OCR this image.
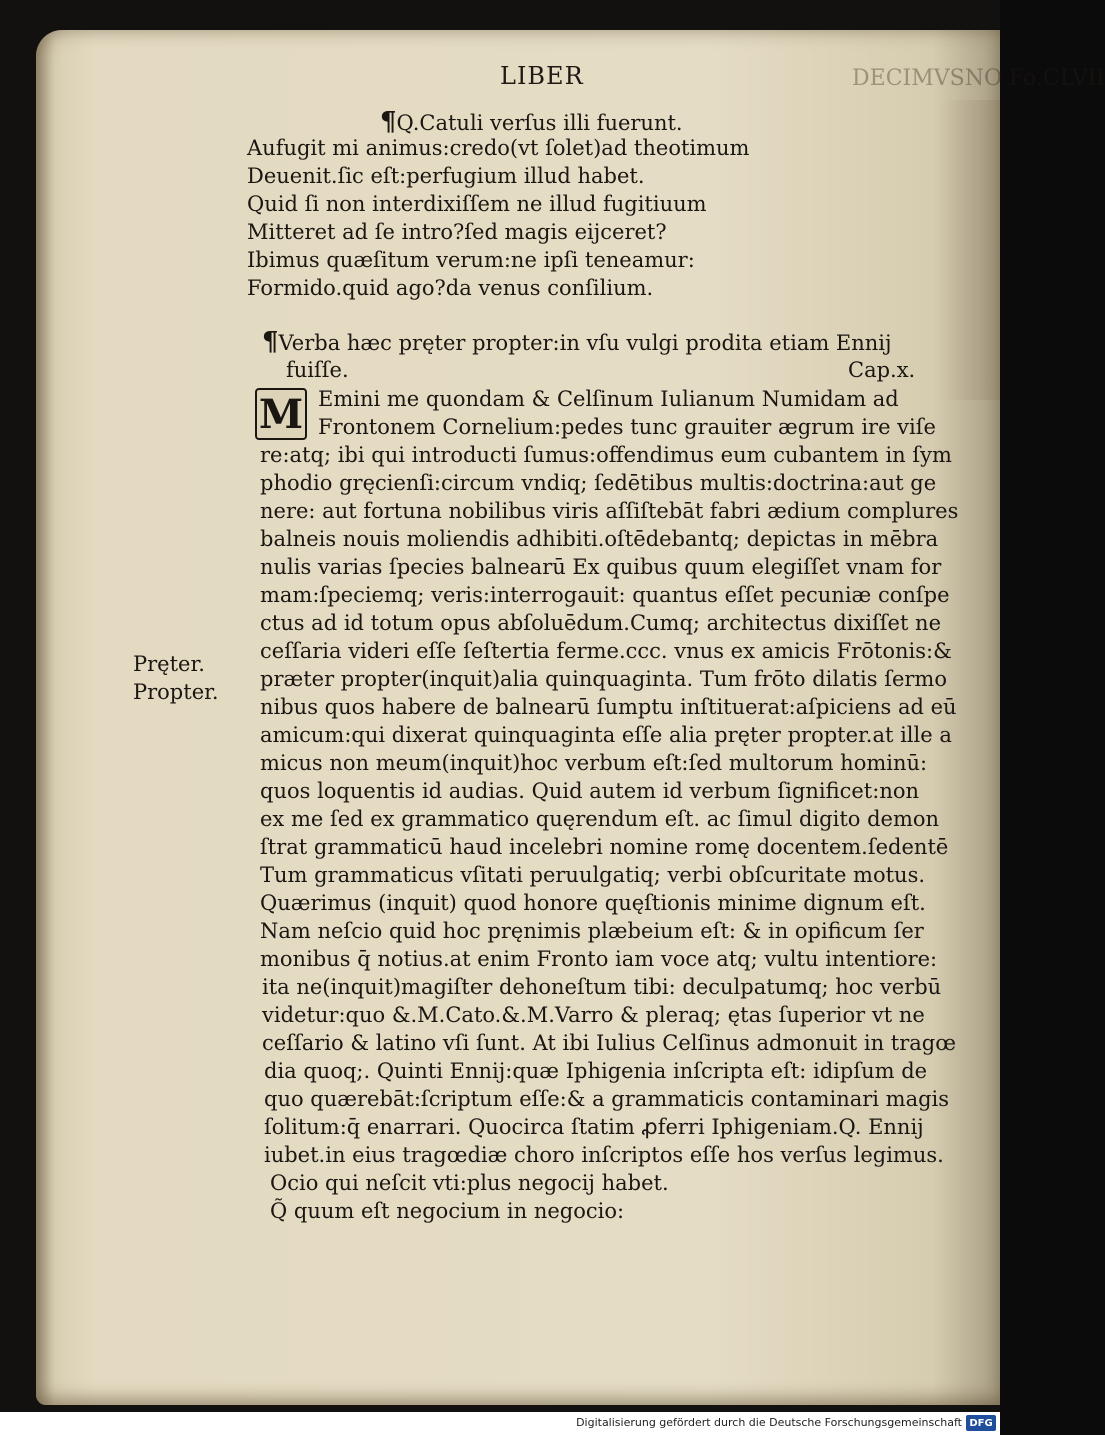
LIBER	DECIMVSNO Fo.CLVII
¶Q.Catuli verſus illi fuerunt.
Aufugit mi animus:credo(vt ſolet)ad theotimum
Deuenit.ſic eſt:perfugium illud habet.
Quid ſi non interdixiſſem ne illud fugitiuum
Mitteret ad ſe intro?ſed magis eijceret?
Ibimus quæſitum verum:ne ipſi teneamur:
Formido.quid ago?da venus conſilium.
¶Verba hæc pręter propter:in vſu vulgi prodita etiam Ennij
fuiſſe.	Cap.x.
M Emini me quondam & Celſinum Iulianum Numidam ad
Frontonem Cornelium:pedes tunc grauiter ægrum ire viſe
re:atq; ibi qui introducti ſumus:offendimus eum cubantem in ſym
phodio gręcienſi:circum vndiq; ſedētibus multis:doctrina:aut ge
nere: aut fortuna nobilibus viris aſſiſtebāt fabri ædium complures
balneis nouis moliendis adhibiti.oſtēdebantq; depictas in mēbra
nulis varias ſpecies balnearū Ex quibus quum elegiſſet vnam for
mam:ſpeciemq; veris:interrogauit: quantus eſſet pecuniæ conſpe
ctus ad id totum opus abſoluēdum.Cumq; architectus dixiſſet ne
ceſſaria videri eſſe ſeſtertia ferme.ccc. vnus ex amicis Frōtonis:&
præter propter(inquit)alia quinquaginta. Tum frōto dilatis ſermo
nibus quos habere de balnearū ſumptu inſtituerat:aſpiciens ad eū
amicum:qui dixerat quinquaginta eſſe alia pręter propter.at ille a
micus non meum(inquit)hoc verbum eſt:ſed multorum hominū:
quos loquentis id audias. Quid autem id verbum ſignificet:non
ex me ſed ex grammatico quęrendum eſt. ac ſimul digito demon
ſtrat grammaticū haud incelebri nomine romę docentem.ſedentē
Tum grammaticus vſitati peruulgatiq; verbi obſcuritate motus.
Quærimus (inquit) quod honore quęſtionis minime dignum eſt.
Nam neſcio quid hoc pręnimis plæbeium eſt: & in opificum ſer
monibus q̄ notius.at enim Fronto iam voce atq; vultu intentiore:
ita ne(inquit)magiſter dehoneſtum tibi: deculpatumq; hoc verbū
videtur:quo &.M.Cato.&.M.Varro & pleraq; ętas ſuperior vt ne
ceſſario & latino vſi ſunt. At ibi Iulius Celſinus admonuit in tragœ
dia quoq;. Quinti Ennij:quæ Iphigenia inſcripta eſt: idipſum de
quo quærebāt:ſcriptum eſſe:& a grammaticis contaminari magis
ſolitum:q̄ enarrari. Quocirca ſtatim ꝓferri Iphigeniam.Q. Ennij
iubet.in eius tragœdiæ choro inſcriptos eſſe hos verſus legimus.
Ocio qui neſcit vti:plus negocij habet.
Q̃ quum eſt negocium in negocio:
Pręter.
Propter.
Digitalisierung gefördert durch die Deutsche Forschungsgemeinschaft DFG
